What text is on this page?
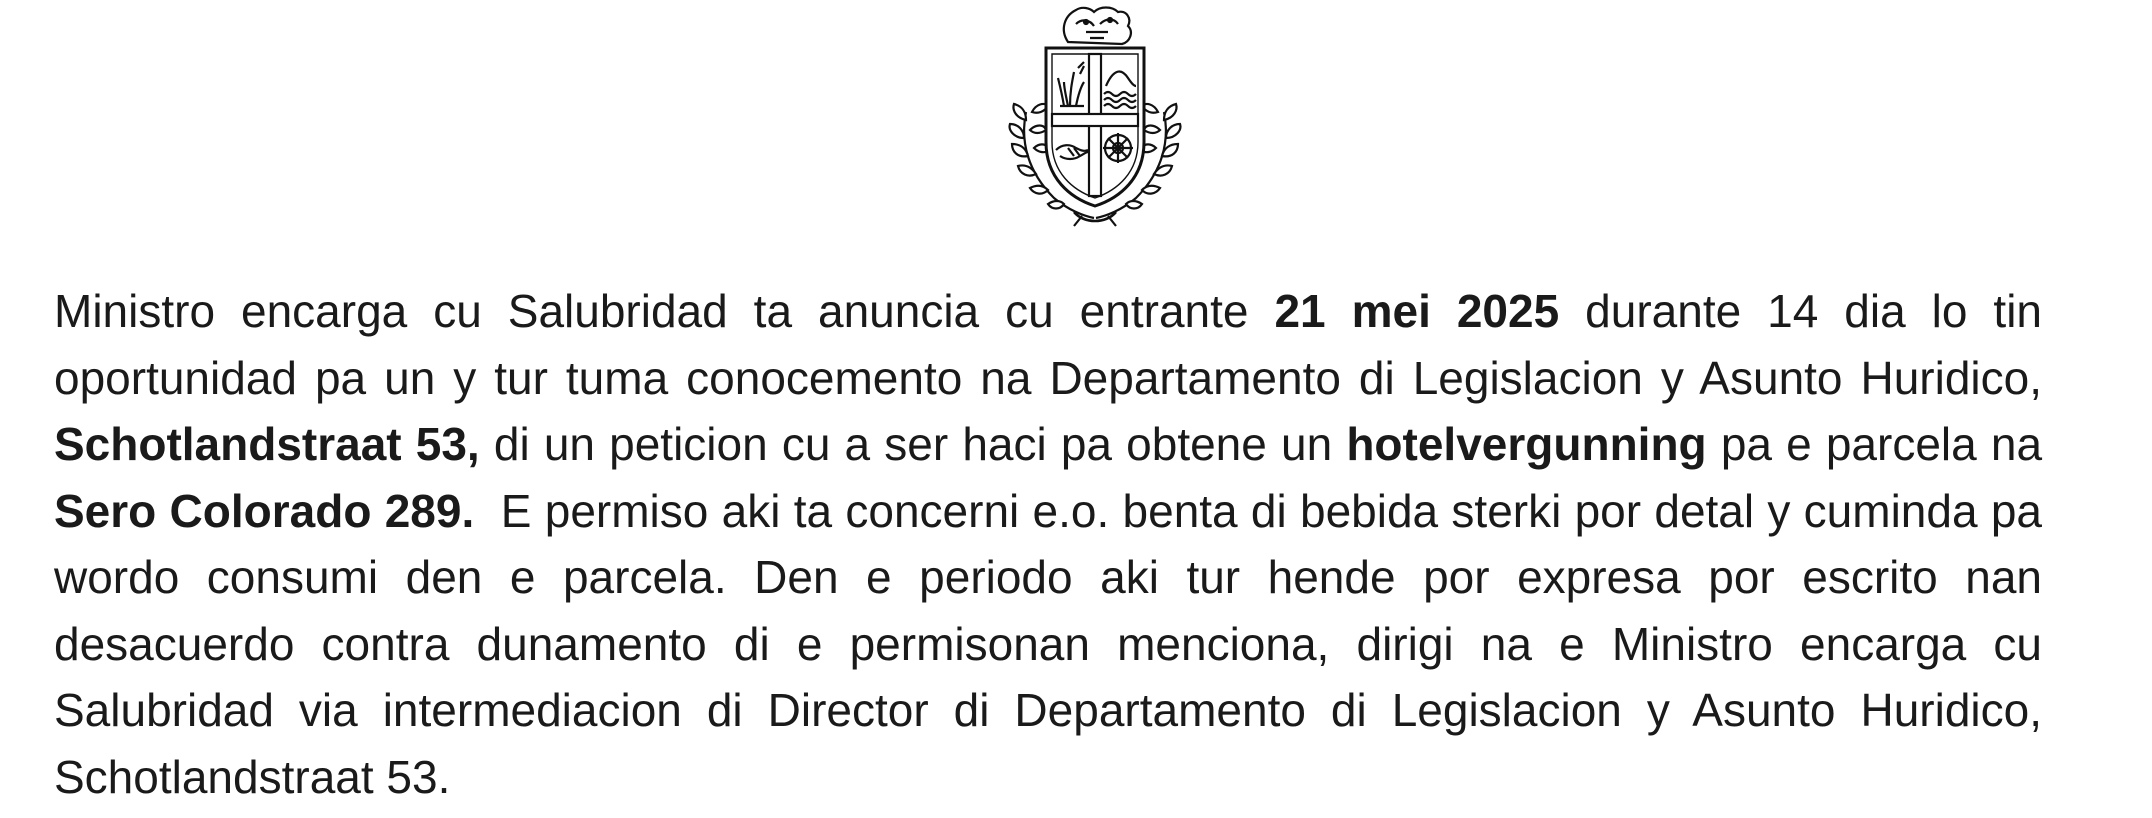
Ministro encarga cu Salubridad ta anuncia cu entrante 21 mei 2025 durante 14 dia lo tin oportunidad pa un y tur tuma conocemento na Departamento di Legislacion y Asunto Huridico, Schotlandstraat 53, di un peticion cu a ser haci pa obtene un hotelvergunning pa e parcela na Sero Colorado 289. E permiso aki ta concerni e.o. benta di bebida sterki por detal y cuminda pa wordo consumi den e parcela. Den e periodo aki tur hende por expresa por escrito nan desacuerdo contra dunamento di e permisonan menciona, dirigi na e Ministro encarga cu Salubridad via intermediacion di Director di Departamento di Legislacion y Asunto Huridico, Schotlandstraat 53.
